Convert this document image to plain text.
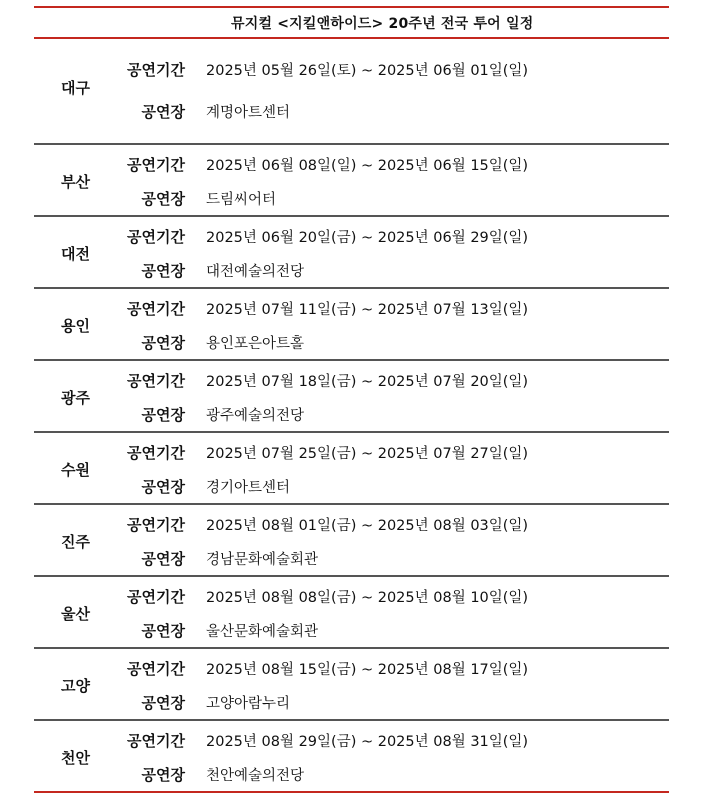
뮤지컬 <지킬앤하이드> 20주년 전국 투어 일정
대구
공연기간 2025년 05월 26일(토) ~ 2025년 06월 01일(일)
공연장 계명아트센터
부산
공연기간 2025년 06월 08일(일) ~ 2025년 06월 15일(일)
공연장 드림씨어터
대전
공연기간 2025년 06월 20일(금) ~ 2025년 06월 29일(일)
공연장 대전예술의전당
용인
공연기간 2025년 07월 11일(금) ~ 2025년 07월 13일(일)
공연장 용인포은아트홀
광주
공연기간 2025년 07월 18일(금) ~ 2025년 07월 20일(일)
공연장 광주예술의전당
수원
공연기간 2025년 07월 25일(금) ~ 2025년 07월 27일(일)
공연장 경기아트센터
진주
공연기간 2025년 08월 01일(금) ~ 2025년 08월 03일(일)
공연장 경남문화예술회관
울산
공연기간 2025년 08월 08일(금) ~ 2025년 08월 10일(일)
공연장 울산문화예술회관
고양
공연기간 2025년 08월 15일(금) ~ 2025년 08월 17일(일)
공연장 고양아람누리
천안
공연기간 2025년 08월 29일(금) ~ 2025년 08월 31일(일)
공연장 천안예술의전당
